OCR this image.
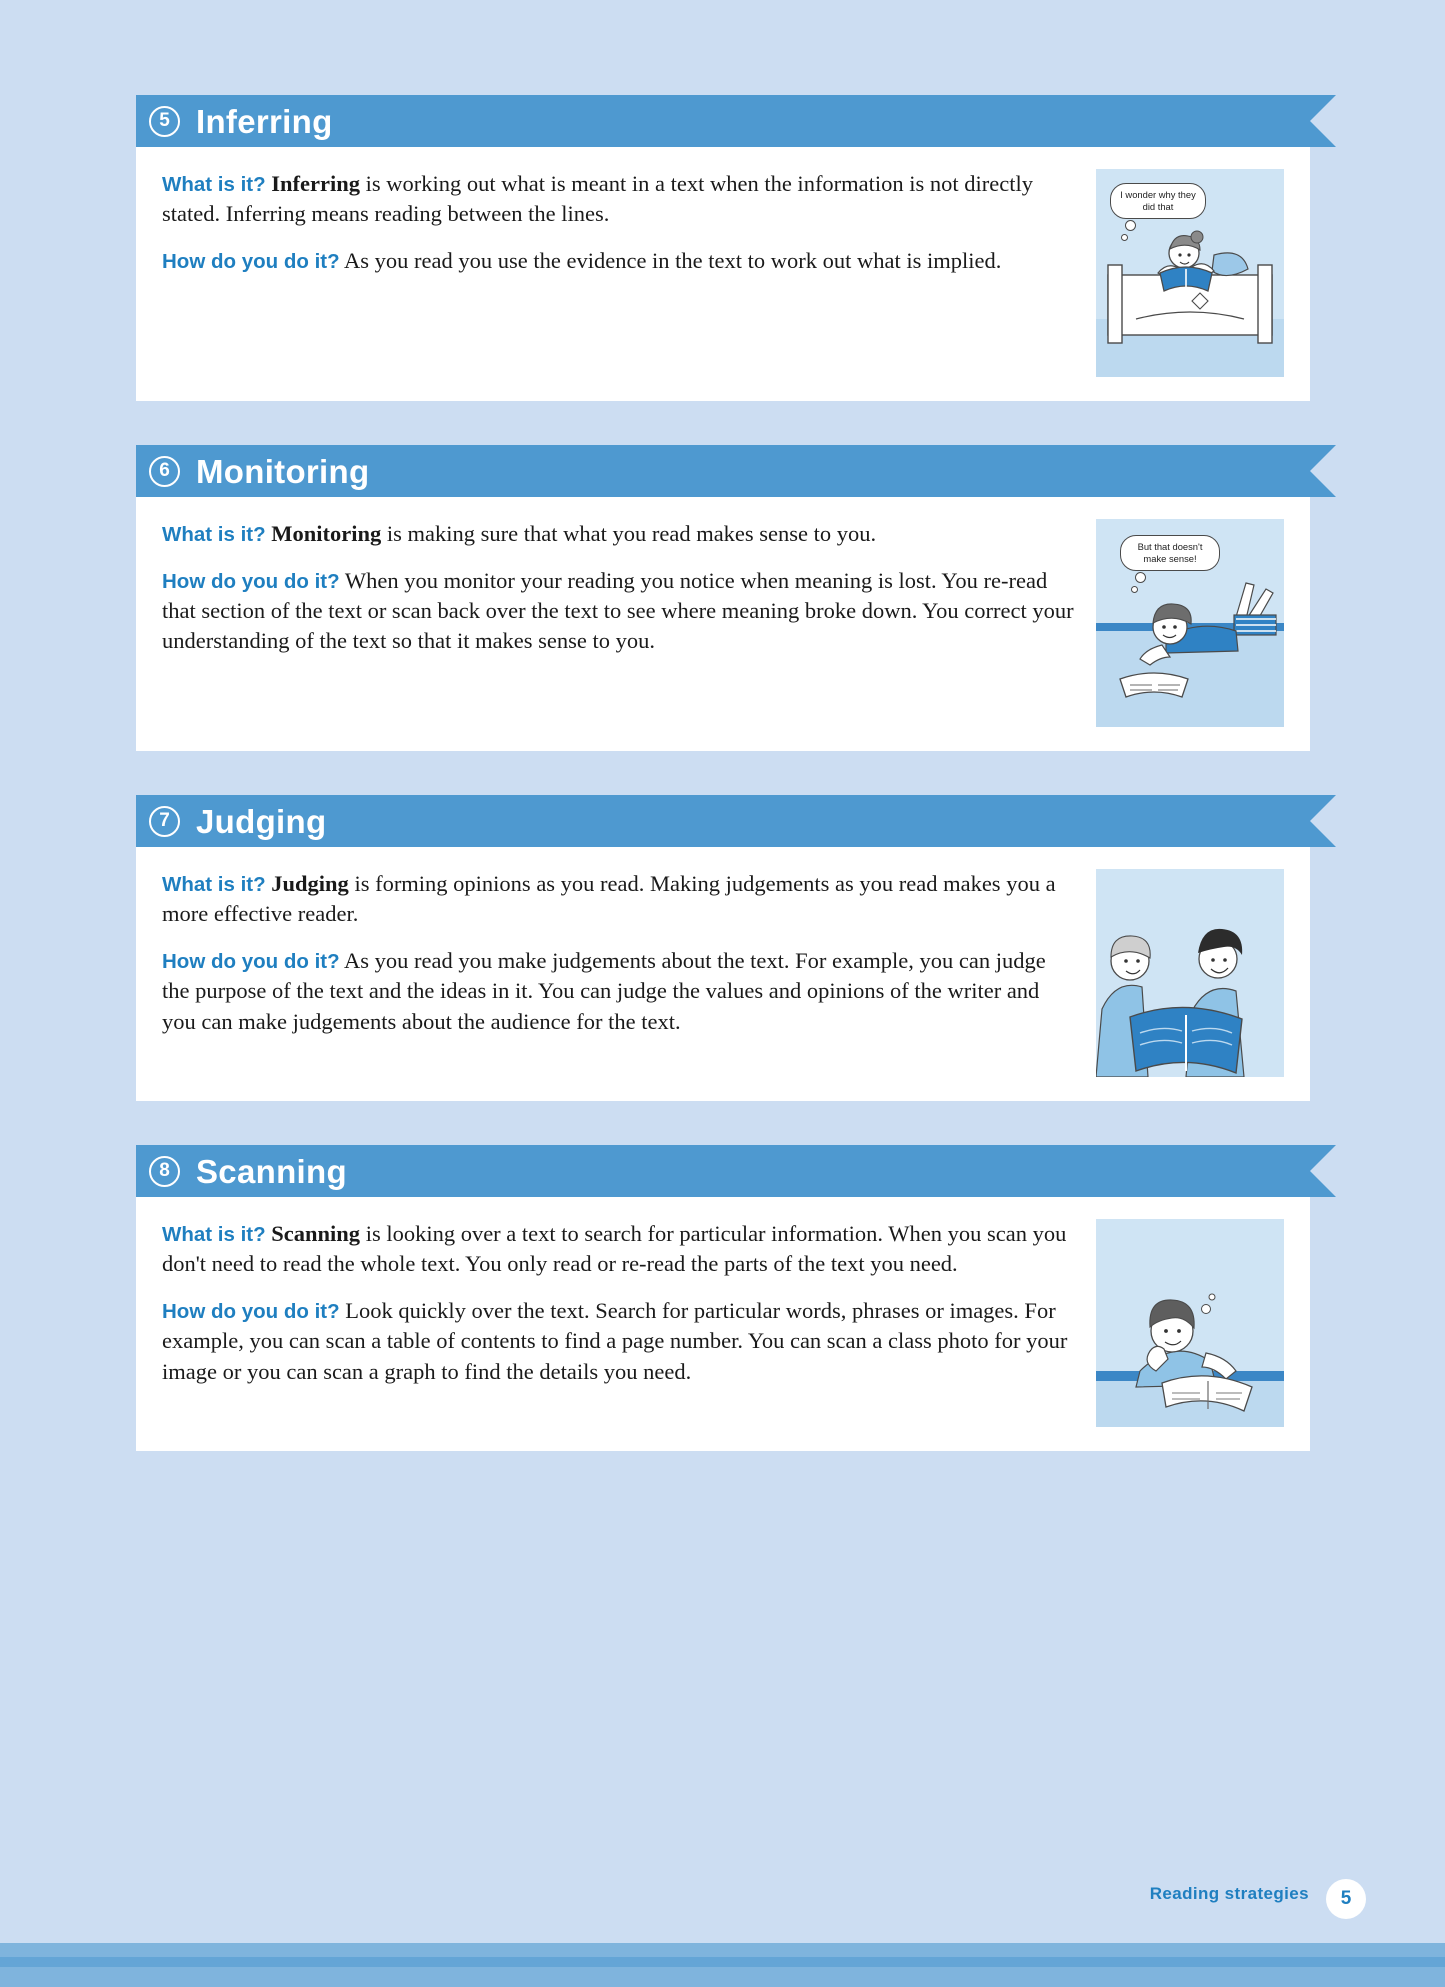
5 Inferring

What is it? Inferring is working out what is meant in a text when the information is not directly stated. Inferring means reading between the lines.

How do you do it? As you read you use the evidence in the text to work out what is implied.

I wonder why they did that
6 Monitoring

What is it? Monitoring is making sure that what you read makes sense to you.

How do you do it? When you monitor your reading you notice when meaning is lost. You re-read that section of the text or scan back over the text to see where meaning broke down. You correct your understanding of the text so that it makes sense to you.

But that doesn't make sense!
7 Judging

What is it? Judging is forming opinions as you read. Making judgements as you read makes you a more effective reader.

How do you do it? As you read you make judgements about the text. For example, you can judge the purpose of the text and the ideas in it. You can judge the values and opinions of the writer and you can make judgements about the audience for the text.

8 Scanning

What is it? Scanning is looking over a text to search for particular information. When you scan you don't need to read the whole text. You only read or re-read the parts of the text you need.

How do you do it? Look quickly over the text. Search for particular words, phrases or images. For example, you can scan a table of contents to find a page number. You can scan a class photo for your image or you can scan a graph to find the details you need.

Reading strategies	5
